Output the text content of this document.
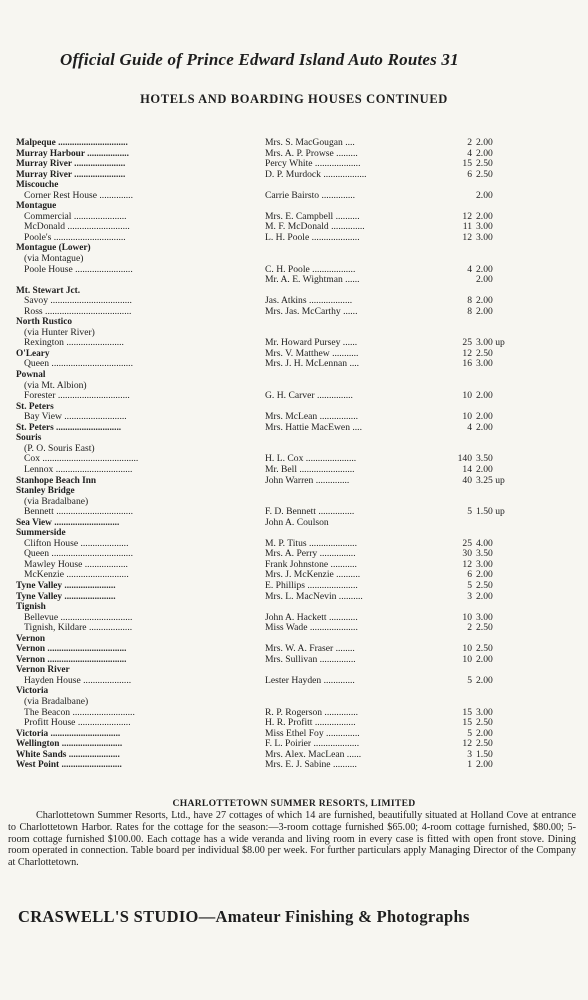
Official Guide of Prince Edward Island Auto Routes 31
HOTELS AND BOARDING HOUSES CONTINUED
Malpeque ..............................	Mrs. S. MacGougan ....	2 2.00
Murray Harbour ..................	Mrs. A. P. Prowse .........	4 2.00
Murray River ......................	Percy White ...................	15 2.50
Murray River ......................	D. P. Murdock ..................	6 2.50
Miscouche
Corner Rest House ..............	Carrie Bairsto ..............	2.00
Montague
Commercial ......................	Mrs. E. Campbell ..........	12 2.00
McDonald ..........................	M. F. McDonald ..............	11 3.00
Poole's ..............................	L. H. Poole ....................	12 3.00
Montague (Lower)
(via Montague)
Poole House ........................	C. H. Poole ..................	4 2.00
Mr. A. E. Wightman ......	2.00
Mt. Stewart Jct.
Savoy ..................................	Jas. Atkins ..................	8 2.00
Ross ....................................	Mrs. Jas. McCarthy ......	8 2.00
North Rustico
(via Hunter River)
Rexington ........................	Mr. Howard Pursey ......	25 3.00 up
O'Leary	Mrs. V. Matthew ...........	12 2.50
Queen ..................................	Mrs. J. H. McLennan ....	16 3.00
Pownal
(via Mt. Albion)
Forester ..............................	G. H. Carver ...............	10 2.00
St. Peters
Bay View ..........................	Mrs. McLean ................	10 2.00
St. Peters ............................	Mrs. Hattie MacEwen ....	4 2.00
Souris
(P. O. Souris East)
Cox ........................................	H. L. Cox .....................	140 3.50
Lennox ................................	Mr. Bell .......................	14 2.00
Stanhope Beach Inn	John Warren ..............	40 3.25 up
Stanley Bridge
(via Bradalbane)
Bennett ................................	F. D. Bennett ...............	5 1.50 up
Sea View ............................	John A. Coulson
Summerside
Clifton House ....................	M. P. Titus ....................	25 4.00
Queen ..................................	Mrs. A. Perry ...............	30 3.50
Mawley House ..................	Frank Johnstone ...........	12 3.00
McKenzie ..........................	Mrs. J. McKenzie ..........	6 2.00
Tyne Valley ......................	E. Phillips .....................	5 2.50
Tyne Valley ......................	Mrs. L. MacNevin ..........	3 2.00
Tignish
Bellevue ..............................	John A. Hackett ............	10 3.00
Tignish, Kildare ..................	Miss Wade ....................	2 2.50
Vernon
Vernon ..................................	Mrs. W. A. Fraser ........	10 2.50
Vernon ..................................	Mrs. Sullivan ...............	10 2.00
Vernon River
Hayden House ....................	Lester Hayden .............	5 2.00
Victoria
(via Bradalbane)
The Beacon ..........................	R. P. Rogerson ..............	15 3.00
Profitt House ......................	H. R. Profitt .................	15 2.50
Victoria ..............................	Miss Ethel Foy ..............	5 2.00
Wellington ..........................	F. L. Poirier ...................	12 2.50
White Sands ......................	Mrs. Alex. MacLean ......	3 1.50
West Point ..........................	Mrs. E. J. Sabine ..........	1 2.00
CHARLOTTETOWN SUMMER RESORTS, LIMITED
Charlottetown Summer Resorts, Ltd., have 27 cottages of which 14 are furnished, beautifully situated at Holland Cove at entrance to Charlottetown Harbor. Rates for the cottage for the season:—3-room cottage furnished $65.00; 4-room cottage furnished, $80.00; 5-room cottage furnished $100.00. Each cottage has a wide veranda and living room in every case is fitted with open front stove. Dining room operated in connection. Table board per individual $8.00 per week. For further particulars apply Managing Director of the Company at Charlottetown.
CRASWELL'S STUDIO—Amateur Finishing & Photographs
